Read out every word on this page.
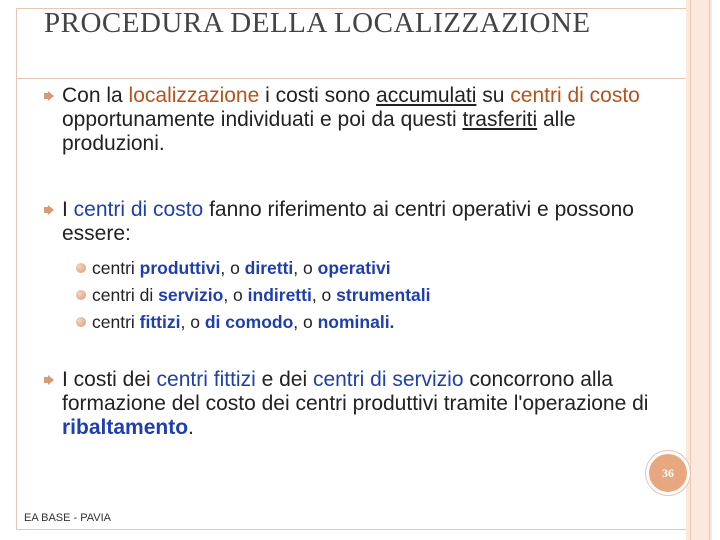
PROCEDURA DELLA LOCALIZZAZIONE
Con la localizzazione i costi sono accumulati su centri di costo opportunamente individuati e poi da questi trasferiti alle produzioni.
I centri di costo fanno riferimento ai centri operativi e possono essere:
centri produttivi, o diretti, o operativi
centri di servizio, o indiretti, o strumentali
centri fittizi, o di comodo, o nominali.
I costi dei centri fittizi e dei centri di servizio concorrono alla formazione del costo dei centri produttivi tramite l'operazione di ribaltamento.
36
EA BASE - PAVIA
